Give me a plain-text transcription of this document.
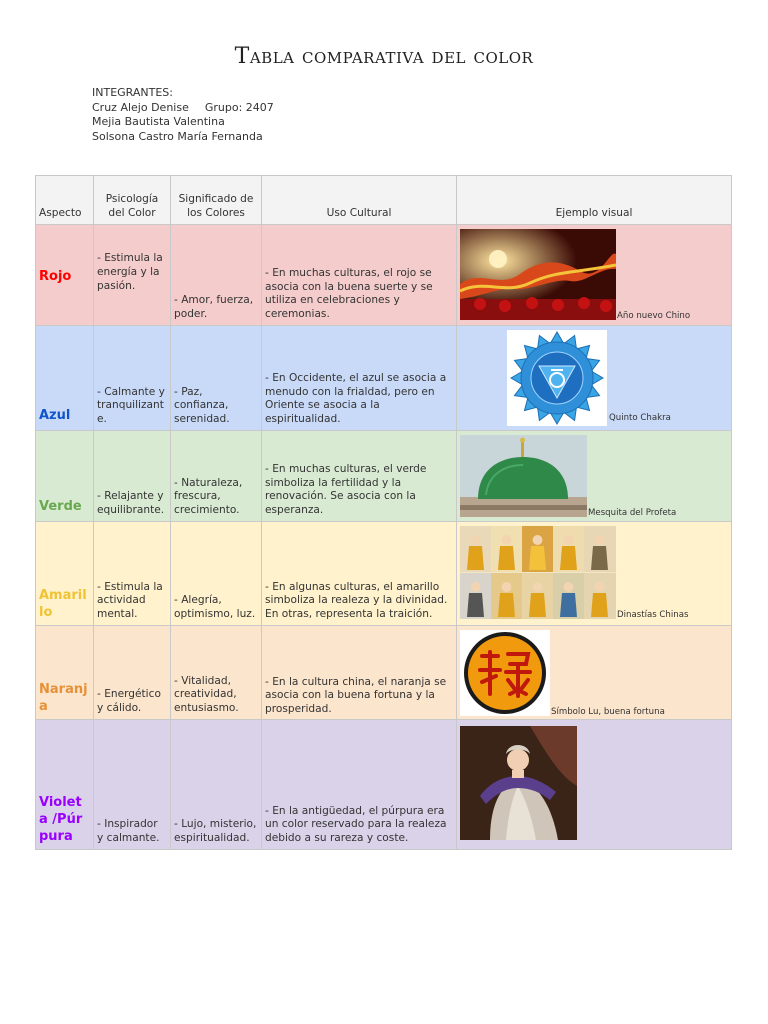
Tabla comparativa del color
INTEGRANTES:
Cruz Alejo Denise Grupo: 2407
Mejia Bautista Valentina
Solsona Castro María Fernanda
Aspecto	Psicología del Color	Significado de los Colores	Uso Cultural	Ejemplo visual
Rojo	- Estimula la energía y la pasión.	- Amor, fuerza, poder.	- En muchas culturas, el rojo se asocia con la buena suerte y se utiliza en celebraciones y ceremonias.	Año nuevo Chino

Azul	- Calmante y tranquilizante.	- Paz, confianza, serenidad.	- En Occidente, el azul se asocia a menudo con la frialdad, pero en Oriente se asocia a la espiritualidad.	Quinto Chakra

Verde	- Relajante y equilibrante.	- Naturaleza, frescura, crecimiento.	- En muchas culturas, el verde simboliza la fertilidad y la renovación. Se asocia con la esperanza.	Mesquita del Profeta

Amarillo	- Estimula la actividad mental.	- Alegría, optimismo, luz.	- En algunas culturas, el amarillo simboliza la realeza y la divinidad. En otras, representa la traición.	Dinastías Chinas

Naranja	- Energético y cálido.	- Vitalidad, creatividad, entusiasmo.	- En la cultura china, el naranja se asocia con la buena fortuna y la prosperidad.	Símbolo Lu, buena fortuna

Violeta /Púrpura	- Inspirador y calmante.	- Lujo, misterio, espiritualidad.	- En la antigüedad, el púrpura era un color reservado para la realeza debido a su rareza y coste.	
